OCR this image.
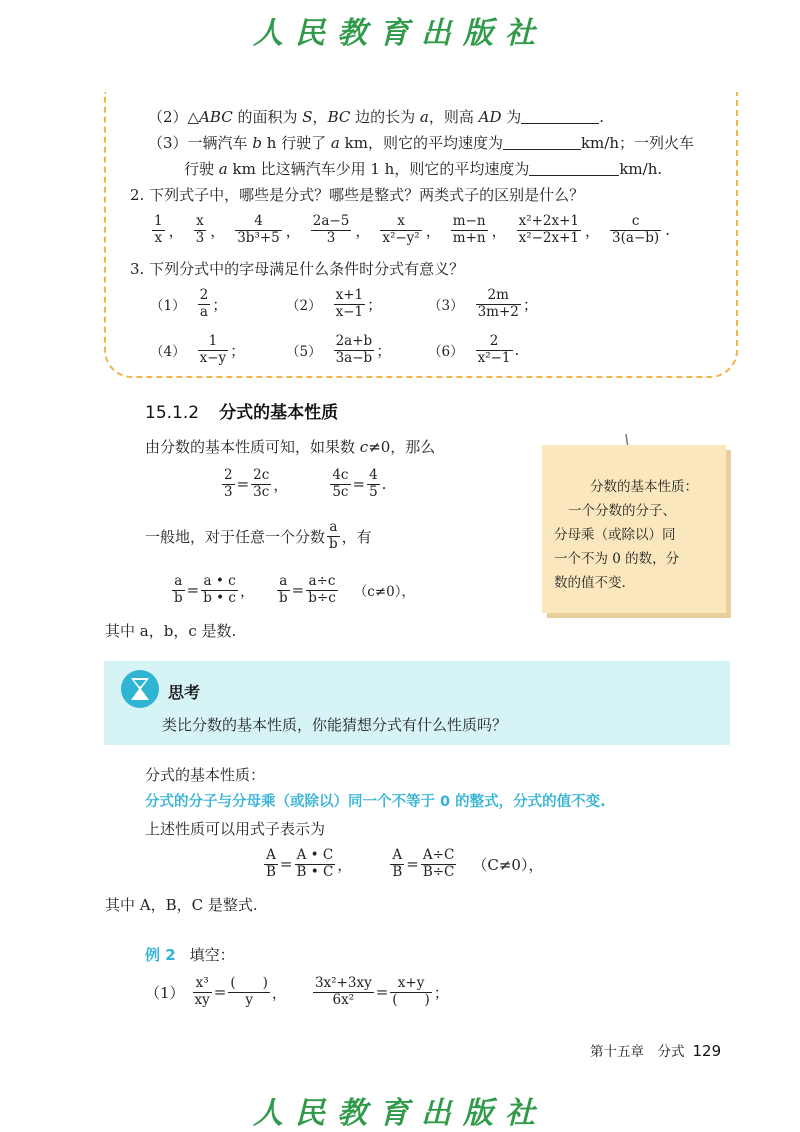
人民教育出版社
（2）△ABC 的面积为 S，BC 边的长为 a，则高 AD 为	.
（3）一辆汽车 b h 行驶了 a km，则它的平均速度为	km/h；一列火车
行驶 a km 比这辆汽车少用 1 h，则它的平均速度为	km/h.
2. 下列式子中，哪些是分式？哪些是整式？两类式子的区别是什么？
$\frac{1}{x}$ ， $\frac{x}{3}$ ， $\frac{4}{\text{3b³+5}}$ ， $\frac{2a-5}{3}$ ， $\frac{x}{\text{x²−y²}}$ ， $\frac{m-n}{m+n}$ ， $\frac{\text{x²+2x+1}}{\text{x²−2x+1}}$ ， $\frac{c}{3(a-b)}$ .
3. 下列分式中的字母满足什么条件时分式有意义？
$(1) \frac{2}{a}$ ；	$(2) \frac{x+1}{x-1}$ ；	$(3) \frac{2m}{3m+2}$ ；
$(4) \frac{1}{x-y}$ ；	$(5) \frac{2a+b}{3a-b}$ ；	$(6) \frac{2}{\text{x²−1}}$ .
15.1.2 分式的基本性质
由分数的基本性质可知，如果数 c≠0，那么
$\frac{2}{3} = \frac{2c}{3c}$ ，	$\frac{4c}{5c} = \frac{4}{5}$ .
一般地，对于任意一个分数 $\frac{a}{b}$ ，有
$\frac{a}{b} = \frac{a • c}{b • c}$ ， $\frac{a}{b} = \frac{a\div c}{b\div c} (c\ne 0)$，
其中 a，b，c 是数.
分数的基本性质：
一个分数的分子、
分母乘（或除以）同
一个不为 0 的数，分
数的值不变.
思考
类比分数的基本性质，你能猜想分式有什么性质吗？
分式的基本性质：
分式的分子与分母乘（或除以）同一个不等于 0 的整式，分式的值不变.
上述性质可以用式子表示为
$\frac{A}{B} = \frac{A • C}{B • C}$ ，	$\frac{A}{B} = \frac{A\div C}{B\div C} (C\ne 0)$，
其中 A，B，C 是整式.
例 2 填空：
$(1) \frac{\text{x³}}{xy} = \frac{( )}{y}$ ， $\frac{\text{3x²+3xy}}{\text{6x²}} = \frac{x+y}{( )}$ ；
第十五章　分式 129
人民教育出版社
